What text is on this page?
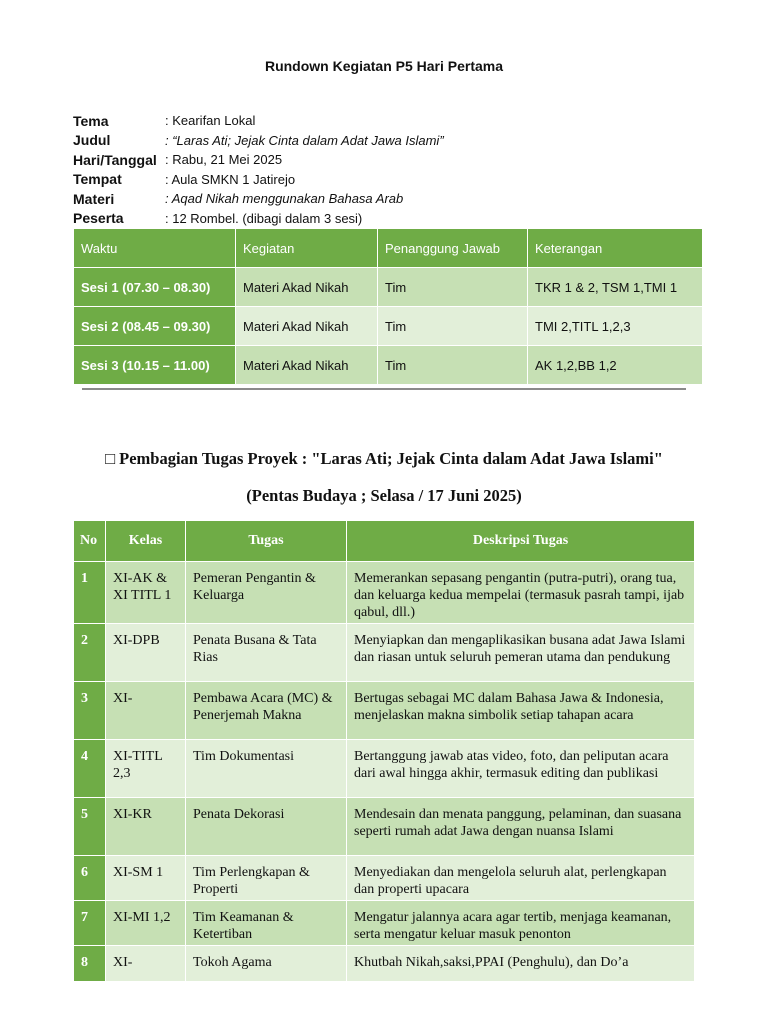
Rundown Kegiatan P5 Hari Pertama
Tema	: Kearifan Lokal
Judul	: “Laras Ati; Jejak Cinta dalam Adat Jawa Islami”
Hari/Tanggal : Rabu, 21 Mei 2025
Tempat	: Aula SMKN 1 Jatirejo
Materi	: Aqad Nikah menggunakan Bahasa Arab
Peserta	: 12 Rombel. (dibagi dalam 3 sesi)
Waktu	Kegiatan	Penanggung Jawab	Keterangan
Sesi 1 (07.30 – 08.30)	Materi Akad Nikah	Tim	TKR 1 & 2, TSM 1,TMI 1
Sesi 2 (08.45 – 09.30)	Materi Akad Nikah	Tim	TMI 2,TITL 1,2,3
Sesi 3 (10.15 – 11.00)	Materi Akad Nikah	Tim	AK 1,2,BB 1,2
□ Pembagian Tugas Proyek : "Laras Ati; Jejak Cinta dalam Adat Jawa Islami"
(Pentas Budaya ; Selasa / 17 Juni 2025)
No	Kelas	Tugas	Deskripsi Tugas
1	XI-AK & XI TITL 1	Pemeran Pengantin & Keluarga	Memerankan sepasang pengantin (putra-putri), orang tua, dan keluarga kedua mempelai (termasuk pasrah tampi, ijab qabul, dll.)
2	XI-DPB	Penata Busana & Tata Rias	Menyiapkan dan mengaplikasikan busana adat Jawa Islami dan riasan untuk seluruh pemeran utama dan pendukung
3	XI-	Pembawa Acara (MC) & Penerjemah Makna	Bertugas sebagai MC dalam Bahasa Jawa & Indonesia, menjelaskan makna simbolik setiap tahapan acara
4	XI-TITL 2,3	Tim Dokumentasi	Bertanggung jawab atas video, foto, dan peliputan acara dari awal hingga akhir, termasuk editing dan publikasi
5	XI-KR	Penata Dekorasi	Mendesain dan menata panggung, pelaminan, dan suasana seperti rumah adat Jawa dengan nuansa Islami
6	XI-SM 1	Tim Perlengkapan & Properti	Menyediakan dan mengelola seluruh alat, perlengkapan dan properti upacara
7	XI-MI 1,2	Tim Keamanan & Ketertiban	Mengatur jalannya acara agar tertib, menjaga keamanan, serta mengatur keluar masuk penonton
8	XI-	Tokoh Agama	Khutbah Nikah,saksi,PPAI (Penghulu), dan Do’a
